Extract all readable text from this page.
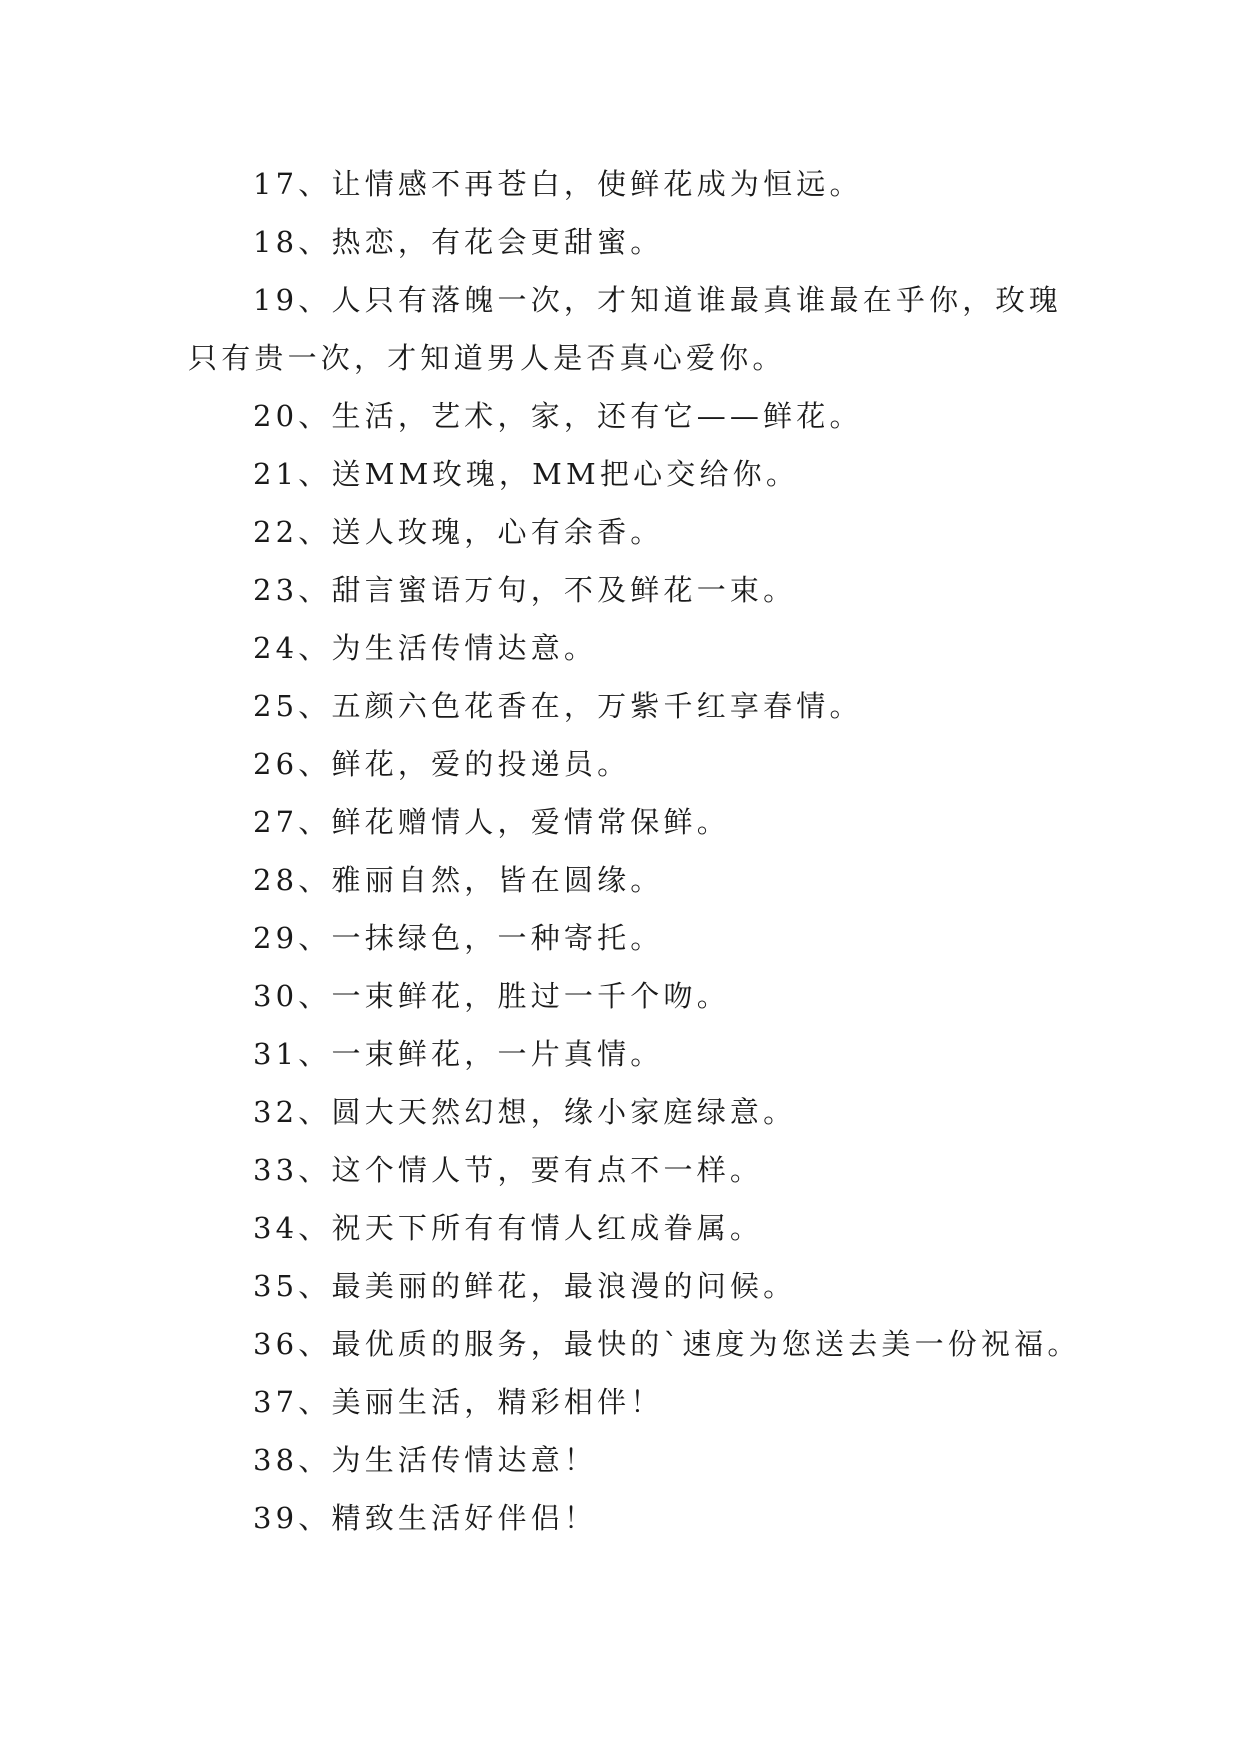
17、让情感不再苍白，使鲜花成为恒远。

18、热恋，有花会更甜蜜。

19、人只有落魄一次，才知道谁最真谁最在乎你，玫瑰只有贵一次，才知道男人是否真心爱你。

20、生活，艺术，家，还有它——鲜花。

21、送MM玫瑰，MM把心交给你。

22、送人玫瑰，心有余香。

23、甜言蜜语万句，不及鲜花一束。

24、为生活传情达意。

25、五颜六色花香在，万紫千红享春情。

26、鲜花，爱的投递员。

27、鲜花赠情人，爱情常保鲜。

28、雅丽自然，皆在圆缘。

29、一抹绿色，一种寄托。

30、一束鲜花，胜过一千个吻。

31、一束鲜花，一片真情。

32、圆大天然幻想，缘小家庭绿意。

33、这个情人节，要有点不一样。

34、祝天下所有有情人红成眷属。

35、最美丽的鲜花，最浪漫的问候。

36、最优质的服务，最快的`速度为您送去美一份祝福。

37、美丽生活，精彩相伴！

38、为生活传情达意！

39、精致生活好伴侣！
